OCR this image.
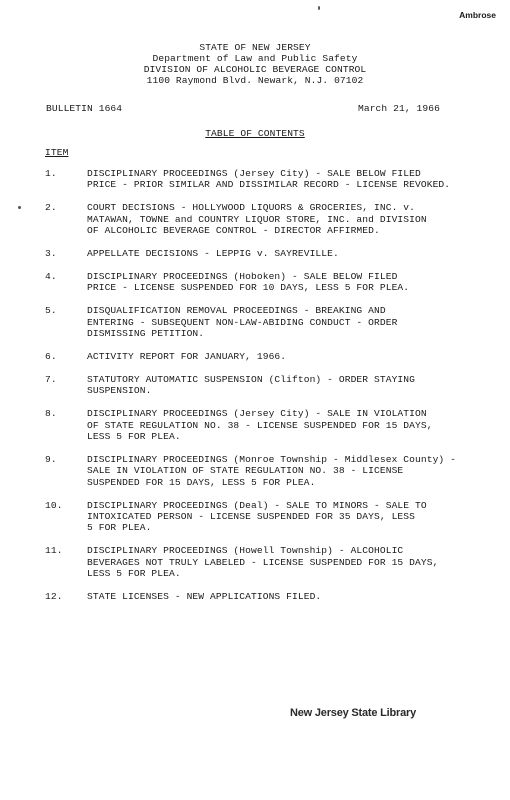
Ambrose
STATE OF NEW JERSEY
Department of Law and Public Safety
DIVISION OF ALCOHOLIC BEVERAGE CONTROL
1100 Raymond Blvd. Newark, N.J. 07102
BULLETIN 1664	March 21, 1966
TABLE OF CONTENTS
ITEM
1.	DISCIPLINARY PROCEEDINGS (Jersey City) - SALE BELOW FILED
PRICE - PRIOR SIMILAR AND DISSIMILAR RECORD - LICENSE REVOKED.
2.	COURT DECISIONS - HOLLYWOOD LIQUORS & GROCERIES, INC. v.
MATAWAN, TOWNE and COUNTRY LIQUOR STORE, INC. and DIVISION
OF ALCOHOLIC BEVERAGE CONTROL - DIRECTOR AFFIRMED.
3.	APPELLATE DECISIONS - LEPPIG v. SAYREVILLE.
4.	DISCIPLINARY PROCEEDINGS (Hoboken) - SALE BELOW FILED
PRICE - LICENSE SUSPENDED FOR 10 DAYS, LESS 5 FOR PLEA.
5.	DISQUALIFICATION REMOVAL PROCEEDINGS - BREAKING AND
ENTERING - SUBSEQUENT NON-LAW-ABIDING CONDUCT - ORDER
DISMISSING PETITION.
6.	ACTIVITY REPORT FOR JANUARY, 1966.
7.	STATUTORY AUTOMATIC SUSPENSION (Clifton) - ORDER STAYING
SUSPENSION.
8.	DISCIPLINARY PROCEEDINGS (Jersey City) - SALE IN VIOLATION
OF STATE REGULATION NO. 38 - LICENSE SUSPENDED FOR 15 DAYS,
LESS 5 FOR PLEA.
9.	DISCIPLINARY PROCEEDINGS (Monroe Township - Middlesex County) -
SALE IN VIOLATION OF STATE REGULATION NO. 38 - LICENSE
SUSPENDED FOR 15 DAYS, LESS 5 FOR PLEA.
10.	DISCIPLINARY PROCEEDINGS (Deal) - SALE TO MINORS - SALE TO
INTOXICATED PERSON - LICENSE SUSPENDED FOR 35 DAYS, LESS
5 FOR PLEA.
11.	DISCIPLINARY PROCEEDINGS (Howell Township) - ALCOHOLIC
BEVERAGES NOT TRULY LABELED - LICENSE SUSPENDED FOR 15 DAYS,
LESS 5 FOR PLEA.
12.	STATE LICENSES - NEW APPLICATIONS FILED.
New Jersey State Library
